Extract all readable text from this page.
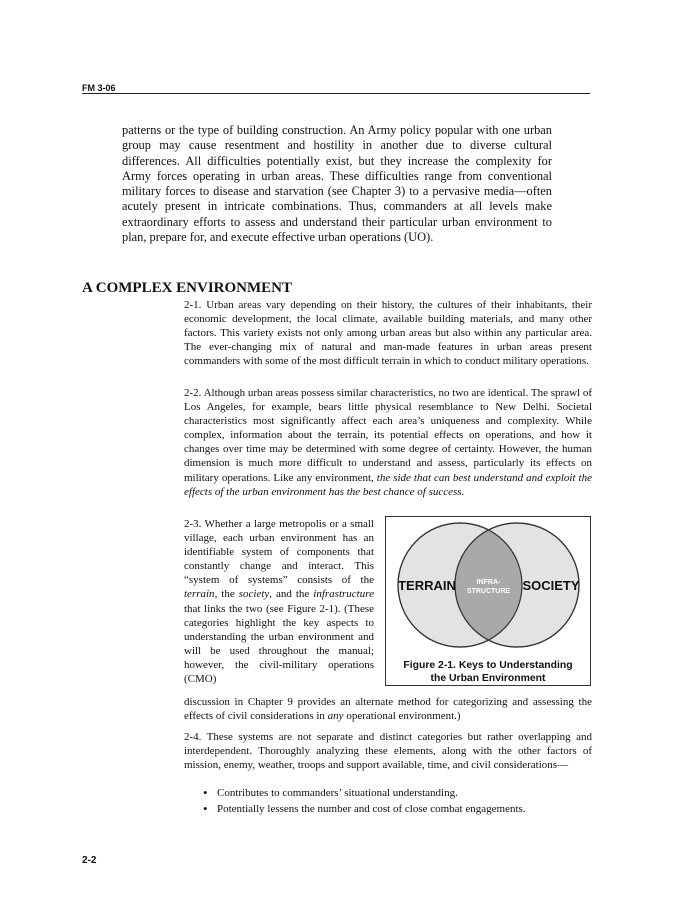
FM 3-06

patterns or the type of building construction. An Army policy popular with one urban group may cause resentment and hostility in another due to diverse cultural differences. All difficulties potentially exist, but they increase the complexity for Army forces operating in urban areas. These difficulties range from conventional military forces to disease and starvation (see Chapter 3) to a pervasive media—often acutely present in intricate combinations. Thus, commanders at all levels make extraordinary efforts to assess and understand their particular urban environment to plan, prepare for, and execute effective urban operations (UO).

A COMPLEX ENVIRONMENT

2-1. Urban areas vary depending on their history, the cultures of their inhabitants, their economic development, the local climate, available building materials, and many other factors. This variety exists not only among urban areas but also within any particular area. The ever-changing mix of natural and man-made features in urban areas present commanders with some of the most difficult terrain in which to conduct military operations.

2-2. Although urban areas possess similar characteristics, no two are identical. The sprawl of Los Angeles, for example, bears little physical resemblance to New Delhi. Societal characteristics most significantly affect each area’s uniqueness and complexity. While complex, information about the terrain, its potential effects on operations, and how it changes over time may be determined with some degree of certainty. However, the human dimension is much more difficult to understand and assess, particularly its effects on military operations. Like any environment, the side that can best understand and exploit the effects of the urban environment has the best chance of success.

2-3. Whether a large metropolis or a small village, each urban environment has an identifiable system of components that constantly change and interact. This “system of systems” consists of the terrain, the society, and the infrastructure that links the two (see Figure 2-1). (These categories highlight the key aspects to understanding the urban environment and will be used throughout the manual; however, the civil-military operations (CMO)

TERRAIN	SOCIETY
INFRA-
STRUCTURE
Figure 2-1. Keys to Understanding
the Urban Environment

discussion in Chapter 9 provides an alternate method for categorizing and assessing the effects of civil considerations in any operational environment.)

2-4. These systems are not separate and distinct categories but rather overlapping and interdependent. Thoroughly analyzing these elements, along with the other factors of mission, enemy, weather, troops and support available, time, and civil considerations—

• Contributes to commanders’ situational understanding.
• Potentially lessens the number and cost of close combat engagements.
2-2
